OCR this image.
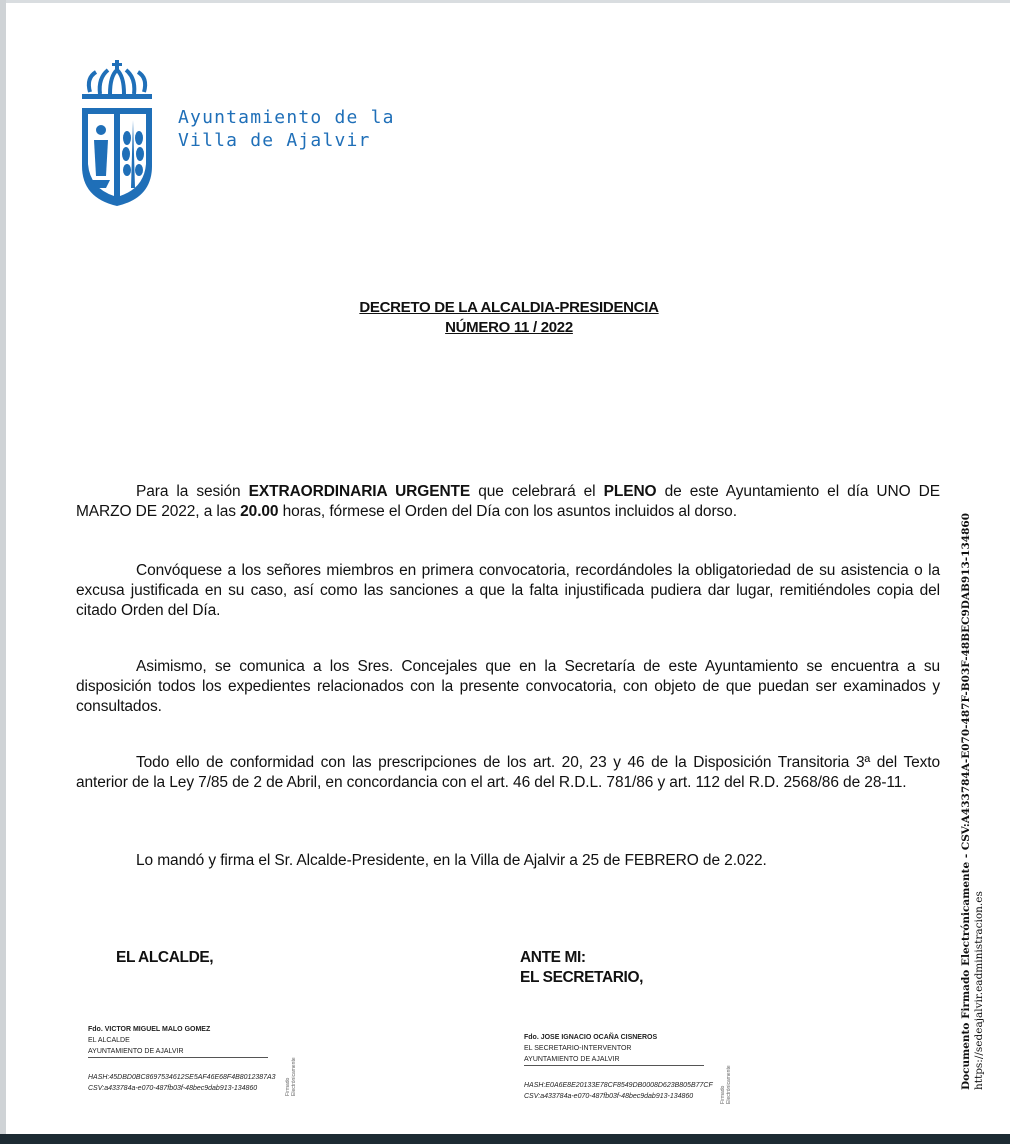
Ayuntamiento de la
Villa de Ajalvir
DECRETO DE LA ALCALDIA-PRESIDENCIA
NÚMERO 11 / 2022
Para la sesión EXTRAORDINARIA URGENTE que celebrará el PLENO de este Ayuntamiento el día UNO DE MARZO DE 2022, a las 20.00 horas, fórmese el Orden del Día con los asuntos incluidos al dorso.
Convóquese a los señores miembros en primera convocatoria, recordándoles la obligatoriedad de su asistencia o la excusa justificada en su caso, así como las sanciones a que la falta injustificada pudiera dar lugar, remitiéndoles copia del citado Orden del Día.
Asimismo, se comunica a los Sres. Concejales que en la Secretaría de este Ayuntamiento se encuentra a su disposición todos los expedientes relacionados con la presente convocatoria, con objeto de que puedan ser examinados y consultados.
Todo ello de conformidad con las prescripciones de los art. 20, 23 y 46 de la Disposición Transitoria 3ª del Texto anterior de la Ley 7/85 de 2 de Abril, en concordancia con el art. 46 del R.D.L. 781/86 y art. 112 del R.D. 2568/86 de 28-11.
Lo mandó y firma el Sr. Alcalde-Presidente, en la Villa de Ajalvir a 25 de FEBRERO de 2.022.
EL ALCALDE,	ANTE MI:
EL SECRETARIO,
Fdo. VICTOR MIGUEL MALO GOMEZ
EL ALCALDE
AYUNTAMIENTO DE AJALVIR
HASH:45DBD0BC8697534612SE5AF46E68F4B8012387A3
CSV:a433784a-e070-487fb03f-48bec9dab913-134860	Firmado Electrónicamente
Fdo. JOSE IGNACIO OCAÑA CISNEROS
EL SECRETARIO-INTERVENTOR
AYUNTAMIENTO DE AJALVIR
HASH:E0A6E8E20133E78CF8549DB0008D623B805B77CF
CSV:a433784a-e070-487fb03f-48bec9dab913-134860	Firmado Electrónicamente	Documento Firmado Electrónicamente - CSV:A433784A-E070-487F-B03F-48BEC9DAB913-134860
https://sedeajalvir.eadministracion.es
